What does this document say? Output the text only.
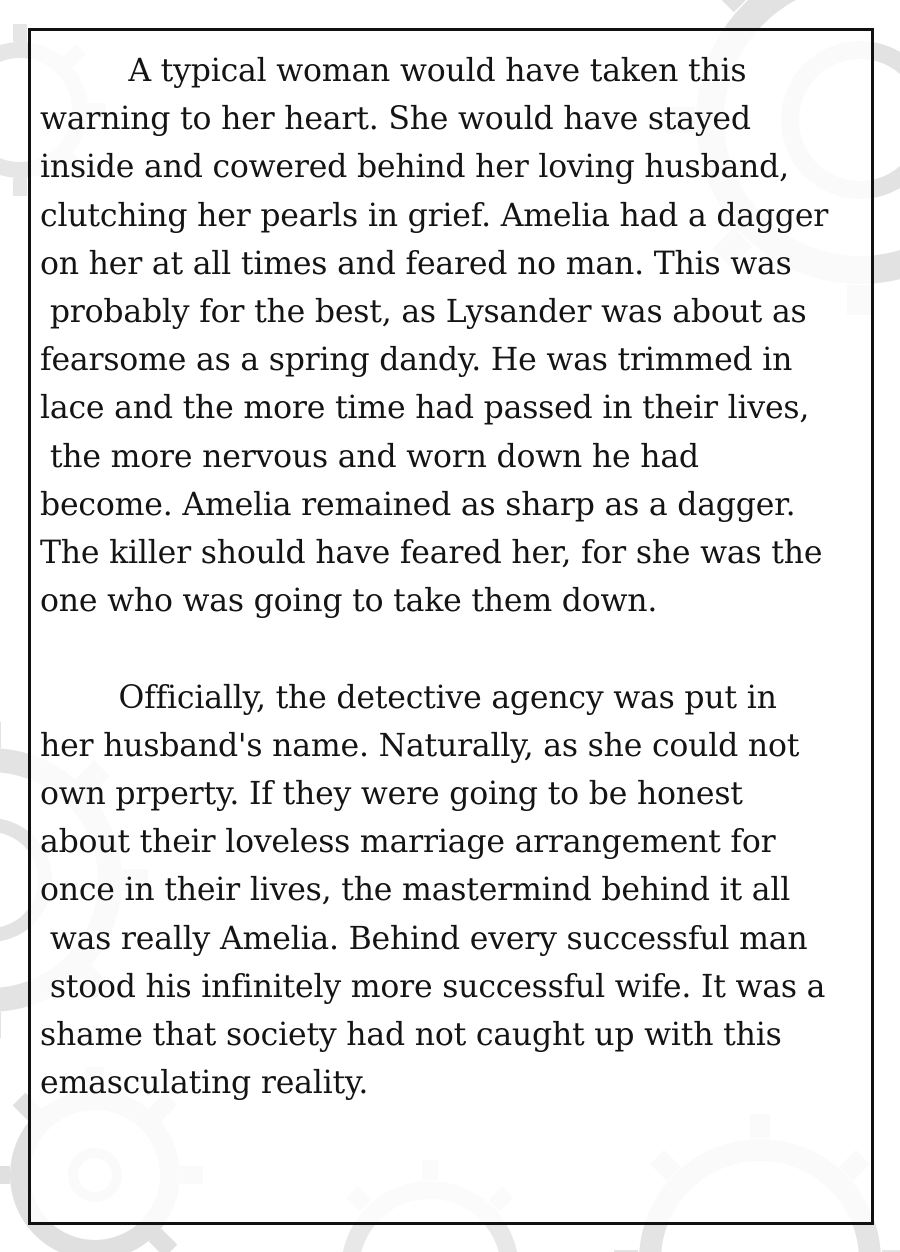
A typical woman would have taken this
warning to her heart. She would have stayed
inside and cowered behind her loving husband,
clutching her pearls in grief. Amelia had a dagger
on her at all times and feared no man. This was
probably for the best, as Lysander was about as
fearsome as a spring dandy. He was trimmed in
lace and the more time had passed in their lives,
the more nervous and worn down he had
become. Amelia remained as sharp as a dagger.
The killer should have feared her, for she was the
one who was going to take them down.
Officially, the detective agency was put in
her husband's name. Naturally, as she could not
own prperty. If they were going to be honest
about their loveless marriage arrangement for
once in their lives, the mastermind behind it all
was really Amelia. Behind every successful man
stood his infinitely more successful wife. It was a
shame that society had not caught up with this
emasculating reality.
